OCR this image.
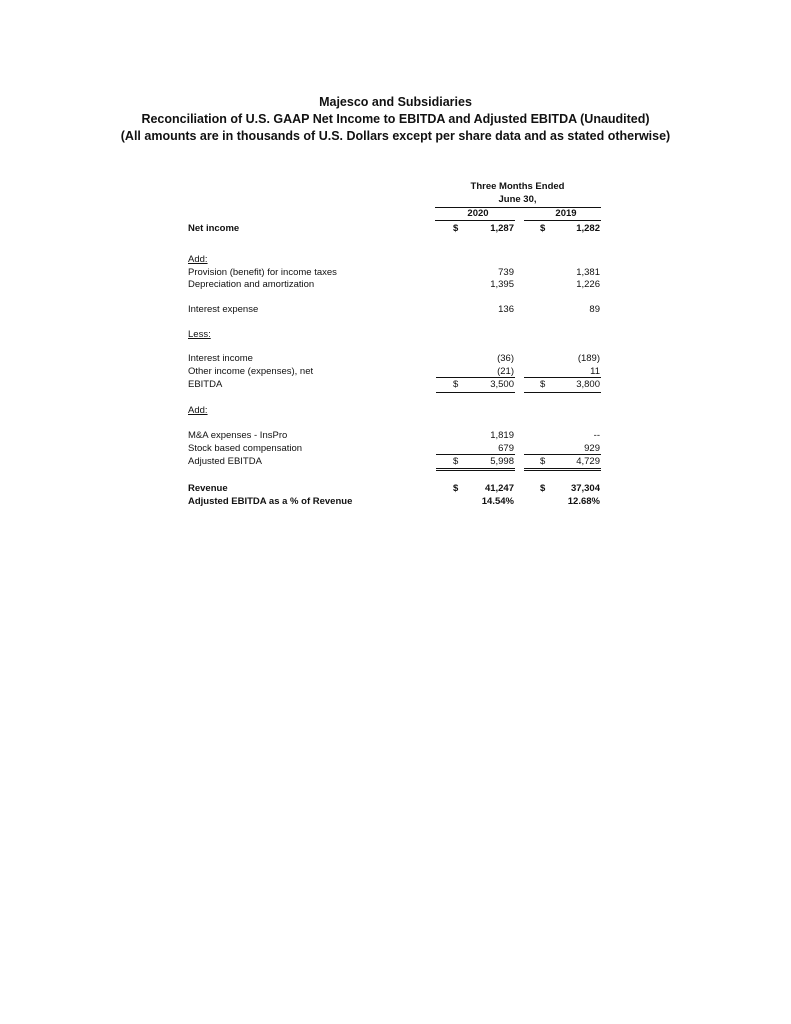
Majesco and Subsidiaries
Reconciliation of U.S. GAAP Net Income to EBITDA and Adjusted EBITDA (Unaudited)
(All amounts are in thousands of U.S. Dollars except per share data and as stated otherwise)
Three Months Ended
June 30,
2020	2019
Net income	$	1,287	$	1,282
Add:
Provision (benefit) for income taxes	739	1,381
Depreciation and amortization	1,395	1,226
Interest expense	136	89
Less:
Interest income	(36)	(189)
Other income (expenses), net	(21)	11
EBITDA	$	3,500	$	3,800
Add:
M&A expenses - InsPro	1,819	--
Stock based compensation	679	929
Adjusted EBITDA	$	5,998	$	4,729
Revenue	$	41,247	$	37,304
Adjusted EBITDA as a % of Revenue	14.54%	12.68%
